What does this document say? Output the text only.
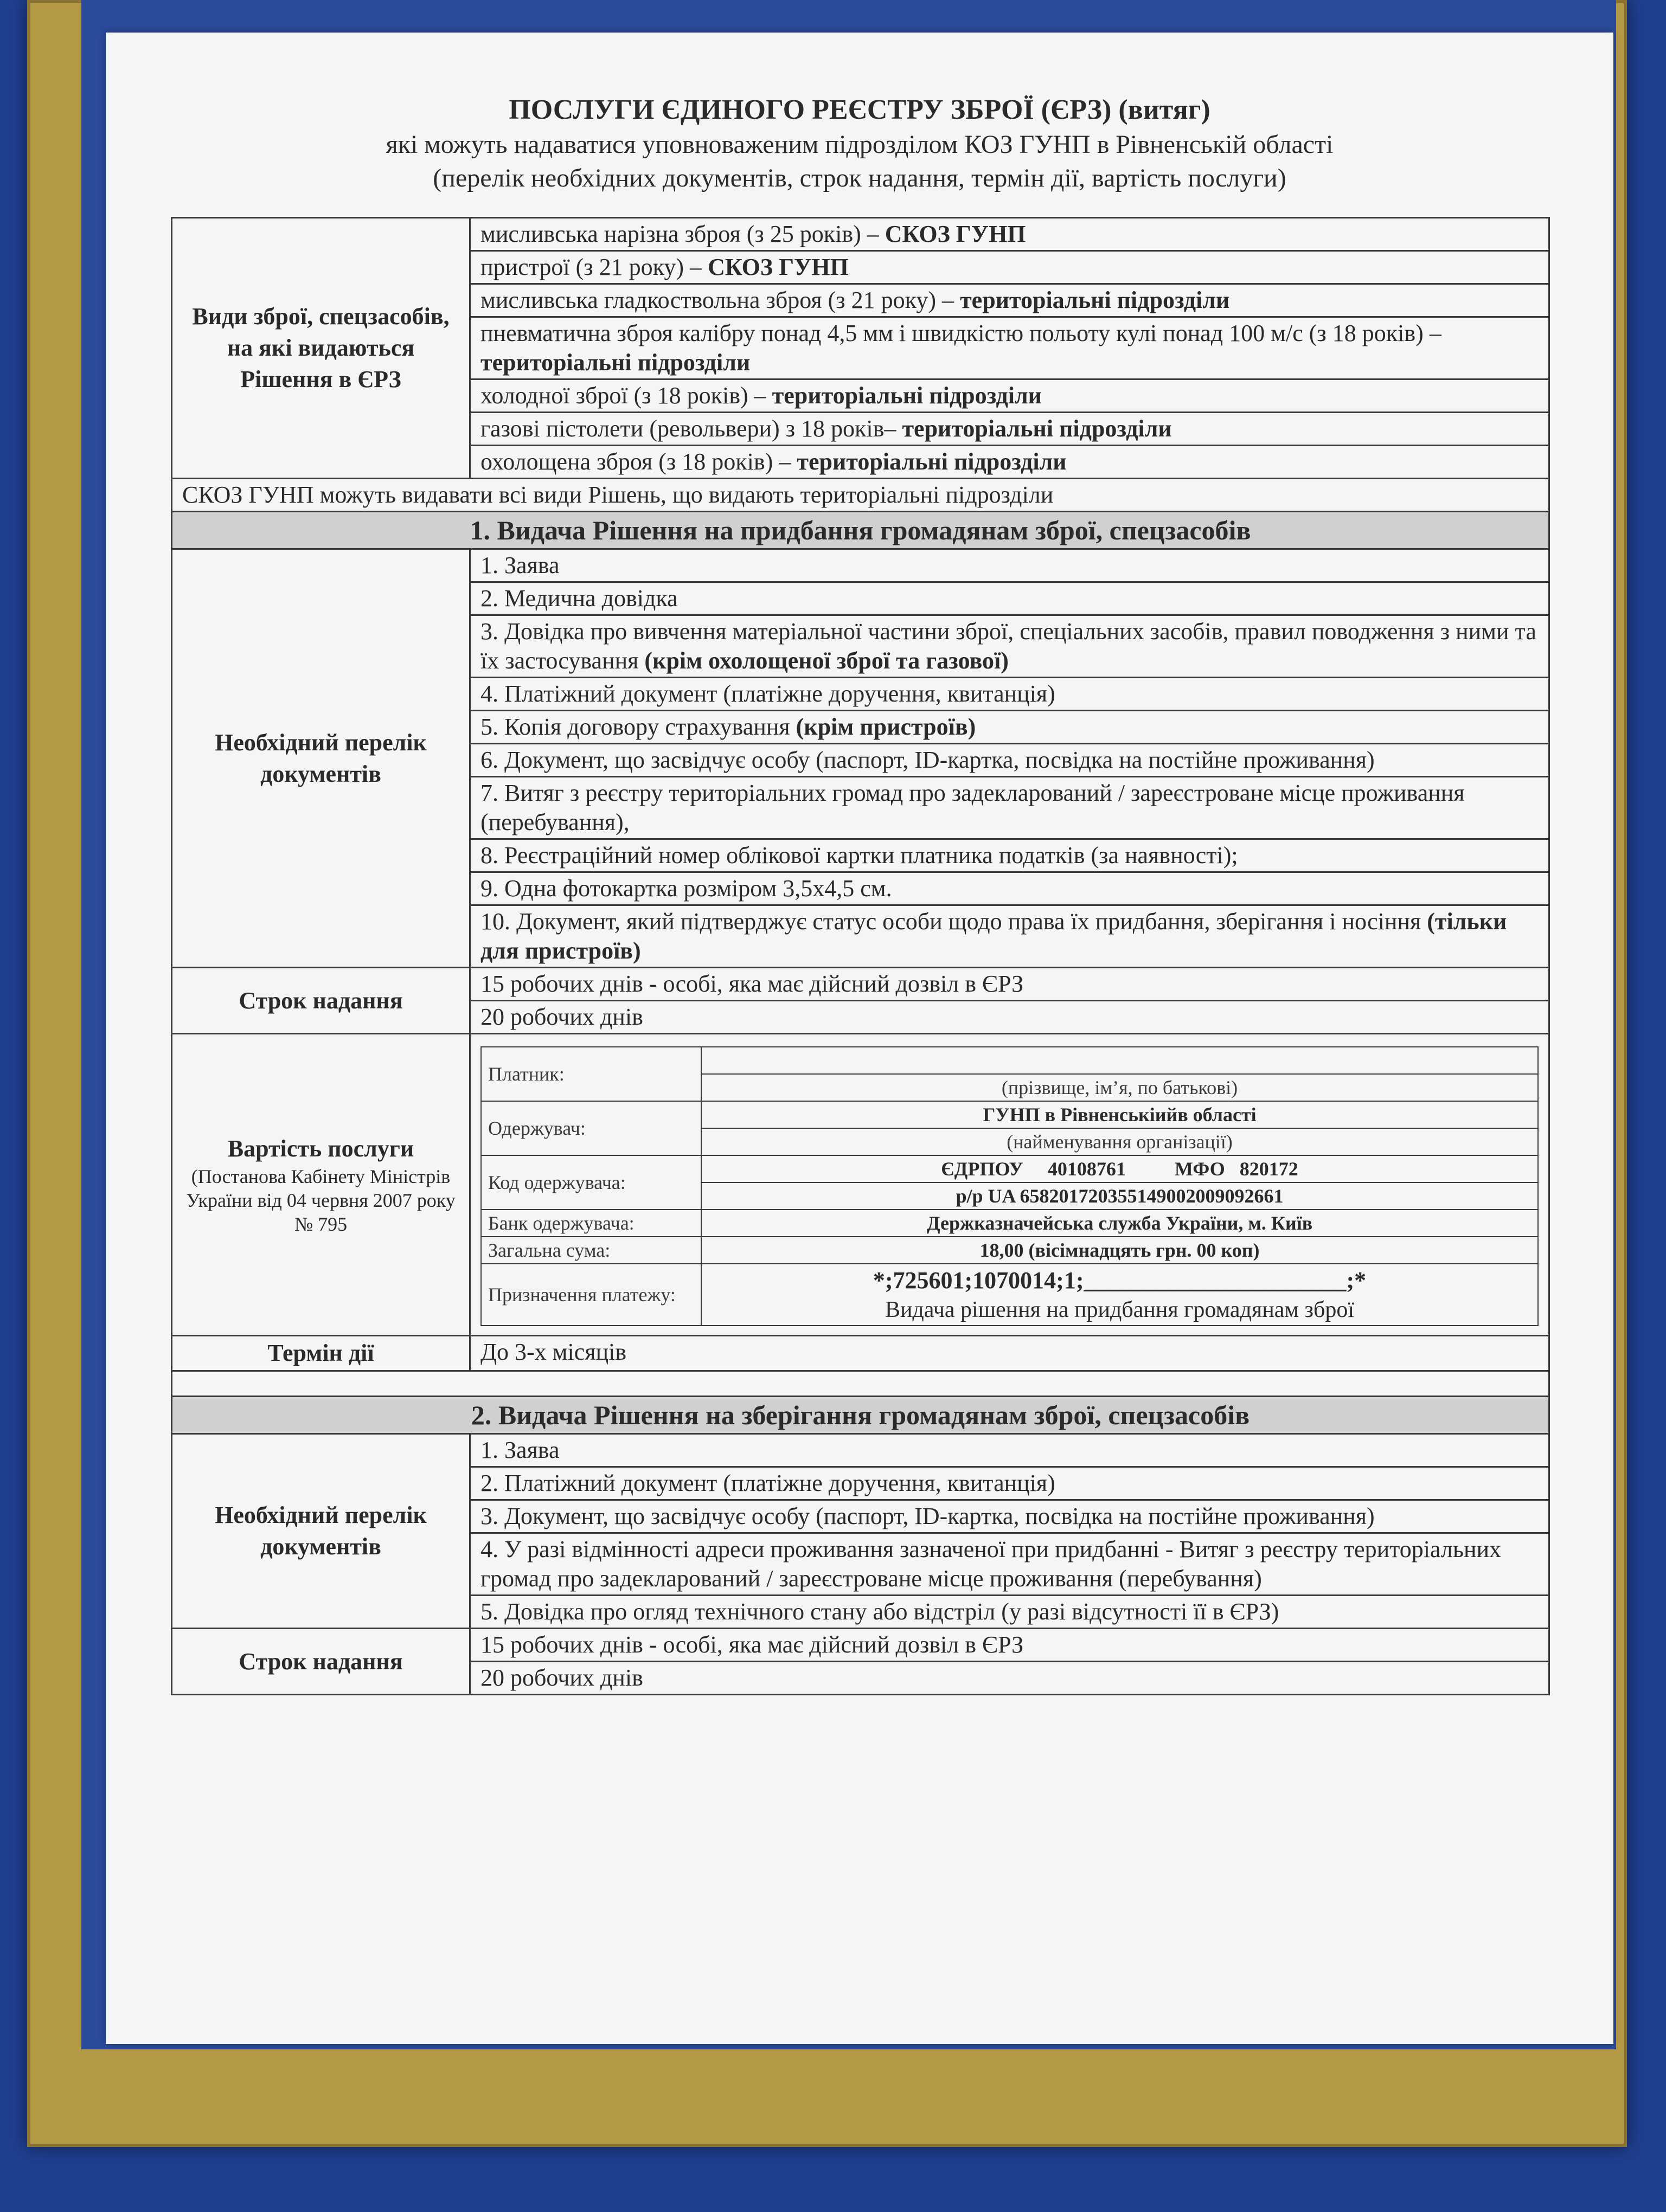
ПОСЛУГИ ЄДИНОГО РЕЄСТРУ ЗБРОЇ (ЄРЗ) (витяг)
які можуть надаватися уповноваженим підрозділом КОЗ ГУНП в Рівненській області
(перелік необхідних документів, строк надання, термін дії, вартість послуги)
Види зброї, спецзасобів, на які видаються Рішення в ЄРЗ	мисливська нарізна зброя (з 25 років) – СКОЗ ГУНП
пристрої (з 21 року) – СКОЗ ГУНП
мисливська гладкоствольна зброя (з 21 року) – територіальні підрозділи
пневматична зброя калібру понад 4,5 мм і швидкістю польоту кулі понад 100 м/с (з 18 років) – територіальні підрозділи
холодної зброї (з 18 років) – територіальні підрозділи
газові пістолети (револьвери) з 18 років– територіальні підрозділи
охолощена зброя (з 18 років) – територіальні підрозділи
СКОЗ ГУНП можуть видавати всі види Рішень, що видають територіальні підрозділи
1. Видача Рішення на придбання громадянам зброї, спецзасобів
Необхідний перелік документів	1. Заява
2. Медична довідка
3. Довідка про вивчення матеріальної частини зброї, спеціальних засобів, правил поводження з ними та їх застосування (крім охолощеної зброї та газової)
4. Платіжний документ (платіжне доручення, квитанція)
5. Копія договору страхування (крім пристроїв)
6. Документ, що засвідчує особу (паспорт, ID-картка, посвідка на постійне проживання)
7. Витяг з реєстру територіальних громад про задекларований / зареєстроване місце проживання (перебування),
8. Реєстраційний номер облікової картки платника податків (за наявності);
9. Одна фотокартка розміром 3,5х4,5 см.
10. Документ, який підтверджує статус особи щодо права їх придбання, зберігання і носіння (тільки для пристроїв)
Строк надання	15 робочих днів - особі, яка має дійсний дозвіл в ЄРЗ
20 робочих днів

Вартість послуги
(Постанова Кабінету Міністрів України від 04 червня 2007 року № 795

Платник:	
(прізвище, ім’я, по батькові)
Одержувач:	ГУНП в Рівненськіийв області
(найменування організації)
Код одержувача:	ЄДРПОУ     40108761          МФО   820172
р/р UA 658201720355149002009092661
Банк одержувача:	Держказначейська служба України, м. Київ
Загальна сума:	18,00 (вісімнадцять грн. 00 коп)
Призначення платежу:	
*;725601;1070014;1;______________________;*
Видача рішення на придбання громадянам зброї

Термін дії	До 3-х місяців

2. Видача Рішення на зберігання громадянам зброї, спецзасобів
Необхідний перелік документів	1. Заява
2. Платіжний документ (платіжне доручення, квитанція)
3. Документ, що засвідчує особу (паспорт, ID-картка, посвідка на постійне проживання)
4. У разі відмінності адреси проживання зазначеної при придбанні - Витяг з реєстру територіальних громад про задекларований / зареєстроване місце проживання (перебування)
5. Довідка про огляд технічного стану або відстріл (у разі відсутності її в ЄРЗ)
Строк надання	15 робочих днів - особі, яка має дійсний дозвіл в ЄРЗ
20 робочих днів
